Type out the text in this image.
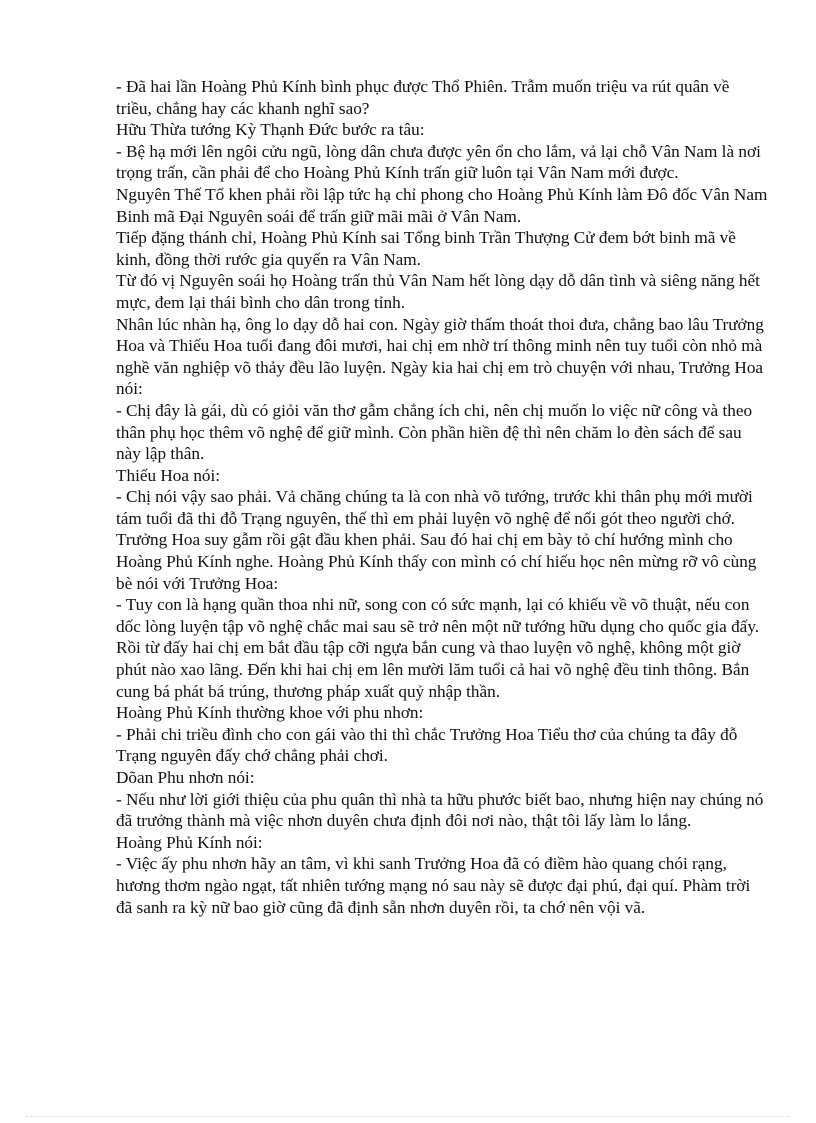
- Đã hai lần Hoàng Phủ Kính bình phục được Thổ Phiên. Trẫm muốn triệu va rút quân về triều, chẳng hay các khanh nghĩ sao?

Hữu Thừa tướng Kỳ Thạnh Đức bước ra tâu:

- Bệ hạ mới lên ngôi cửu ngũ, lòng dân chưa được yên ổn cho lắm, vả lại chỗ Vân Nam là nơi trọng trấn, cần phải để cho Hoàng Phủ Kính trấn giữ luôn tại Vân Nam mới được.

Nguyên Thế Tổ khen phải rồi lập tức hạ chỉ phong cho Hoàng Phủ Kính làm Đô đốc Vân Nam Binh mã Đại Nguyên soái để trấn giữ mãi mãi ở Vân Nam.

Tiếp đặng thánh chỉ, Hoàng Phủ Kính sai Tổng binh Trần Thượng Cử đem bớt binh mã về kinh, đồng thời rước gia quyến ra Vân Nam.

Từ đó vị Nguyên soái họ Hoàng trấn thủ Vân Nam hết lòng dạy dỗ dân tình và siêng năng hết mực, đem lại thái bình cho dân trong tỉnh.

Nhân lúc nhàn hạ, ông lo dạy dỗ hai con. Ngày giờ thấm thoát thoi đưa, chẳng bao lâu Trưởng Hoa và Thiếu Hoa tuổi đang đôi mươi, hai chị em nhờ trí thông minh nên tuy tuổi còn nhỏ mà nghề văn nghiệp võ thảy đều lão luyện. Ngày kia hai chị em trò chuyện với nhau, Trưởng Hoa nói:

- Chị đây là gái, dù có giỏi văn thơ gẫm chẳng ích chi, nên chị muốn lo việc nữ công và theo thân phụ học thêm võ nghệ để giữ mình. Còn phần hiền đệ thì nên chăm lo đèn sách để sau này lập thân.

Thiếu Hoa nói:

- Chị nói vậy sao phải. Vả chăng chúng ta là con nhà võ tướng, trước khi thân phụ mới mười tám tuổi đã thi đỗ Trạng nguyên, thế thì em phải luyện võ nghệ để nối gót theo người chớ.

Trưởng Hoa suy gẫm rồi gật đầu khen phải. Sau đó hai chị em bày tỏ chí hướng mình cho Hoàng Phủ Kính nghe. Hoàng Phủ Kính thấy con mình có chí hiếu học nên mừng rỡ vô cùng bè nói với Trưởng Hoa:

- Tuy con là hạng quần thoa nhi nữ, song con có sức mạnh, lại có khiếu về võ thuật, nếu con dốc lòng luyện tập võ nghệ chắc mai sau sẽ trở nên một nữ tướng hữu dụng cho quốc gia đấy.

Rồi từ đấy hai chị em bắt đầu tập cỡi ngựa bắn cung và thao luyện võ nghệ, không một giờ phút nào xao lãng. Đến khi hai chị em lên mười lăm tuổi cả hai võ nghệ đều tinh thông. Bắn cung bá phát bá trúng, thương pháp xuất quỷ nhập thần.

Hoàng Phủ Kính thường khoe với phu nhơn:

- Phải chi triều đình cho con gái vào thi thì chắc Trưởng Hoa Tiểu thơ của chúng ta đây đỗ Trạng nguyên đấy chớ chẳng phải chơi.

Dõan Phu nhơn nói:

- Nếu như lời giới thiệu của phu quân thì nhà ta hữu phước biết bao, nhưng hiện nay chúng nó đã trưởng thành mà việc nhơn duyên chưa định đôi nơi nào, thật tôi lấy làm lo lắng.

Hoàng Phủ Kính nói:

- Việc ấy phu nhơn hãy an tâm, vì khi sanh Trưởng Hoa đã có điềm hào quang chói rạng, hương thơm ngào ngạt, tất nhiên tướng mạng nó sau này sẽ được đại phú, đại quí. Phàm trời đã sanh ra kỳ nữ bao giờ cũng đã định sẵn nhơn duyên rồi, ta chớ nên vội vã.
